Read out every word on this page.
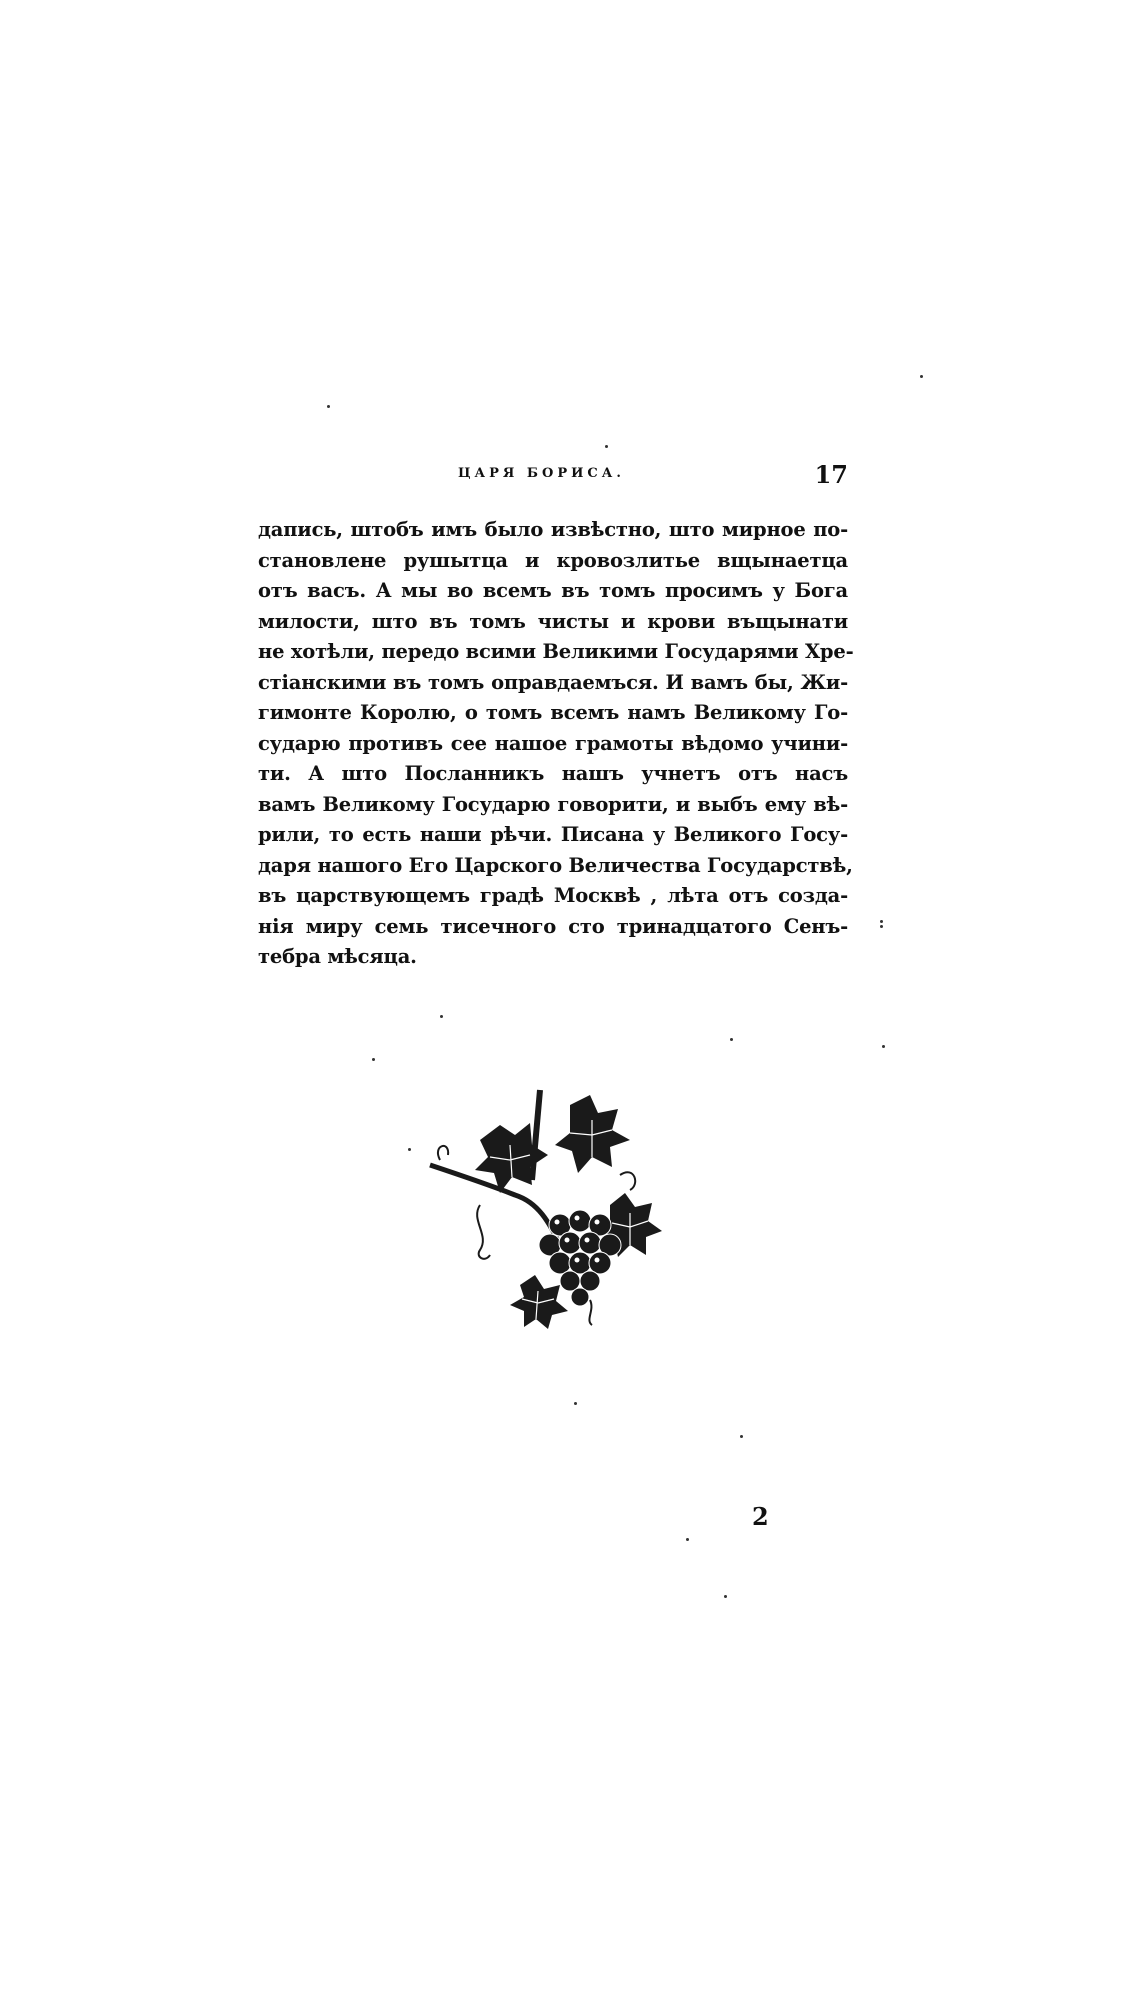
ЦАРЯ БОРИСА.	17
дапись, штобъ имъ было извѣстно, што мирное по-
становлене рушытца и кровозлитье вщынаетца
отъ васъ. А мы во всемъ въ томъ просимъ у Бога
милости, што въ томъ чисты и крови въщынати
не хотѣли, передо всими Великими Государями Хре-
стіанскими въ томъ оправдаемъся. И вамъ бы, Жи-
гимонте Королю, о томъ всемъ намъ Великому Го-
сударю противъ сее нашое грамоты вѣдомо учини-
ти. А што Посланникъ нашъ учнетъ отъ насъ
вамъ Великому Государю говорити, и выбъ ему вѣ-
рили, то есть наши рѣчи. Писана у Великого Госу-
даря нашого Его Царского Величества Государствѣ,
въ царствующемъ градѣ Москвѣ , лѣта отъ созда-
нія миру семь тисечного сто тринадцатого Сенъ-
тебра мѣсяца.
2
